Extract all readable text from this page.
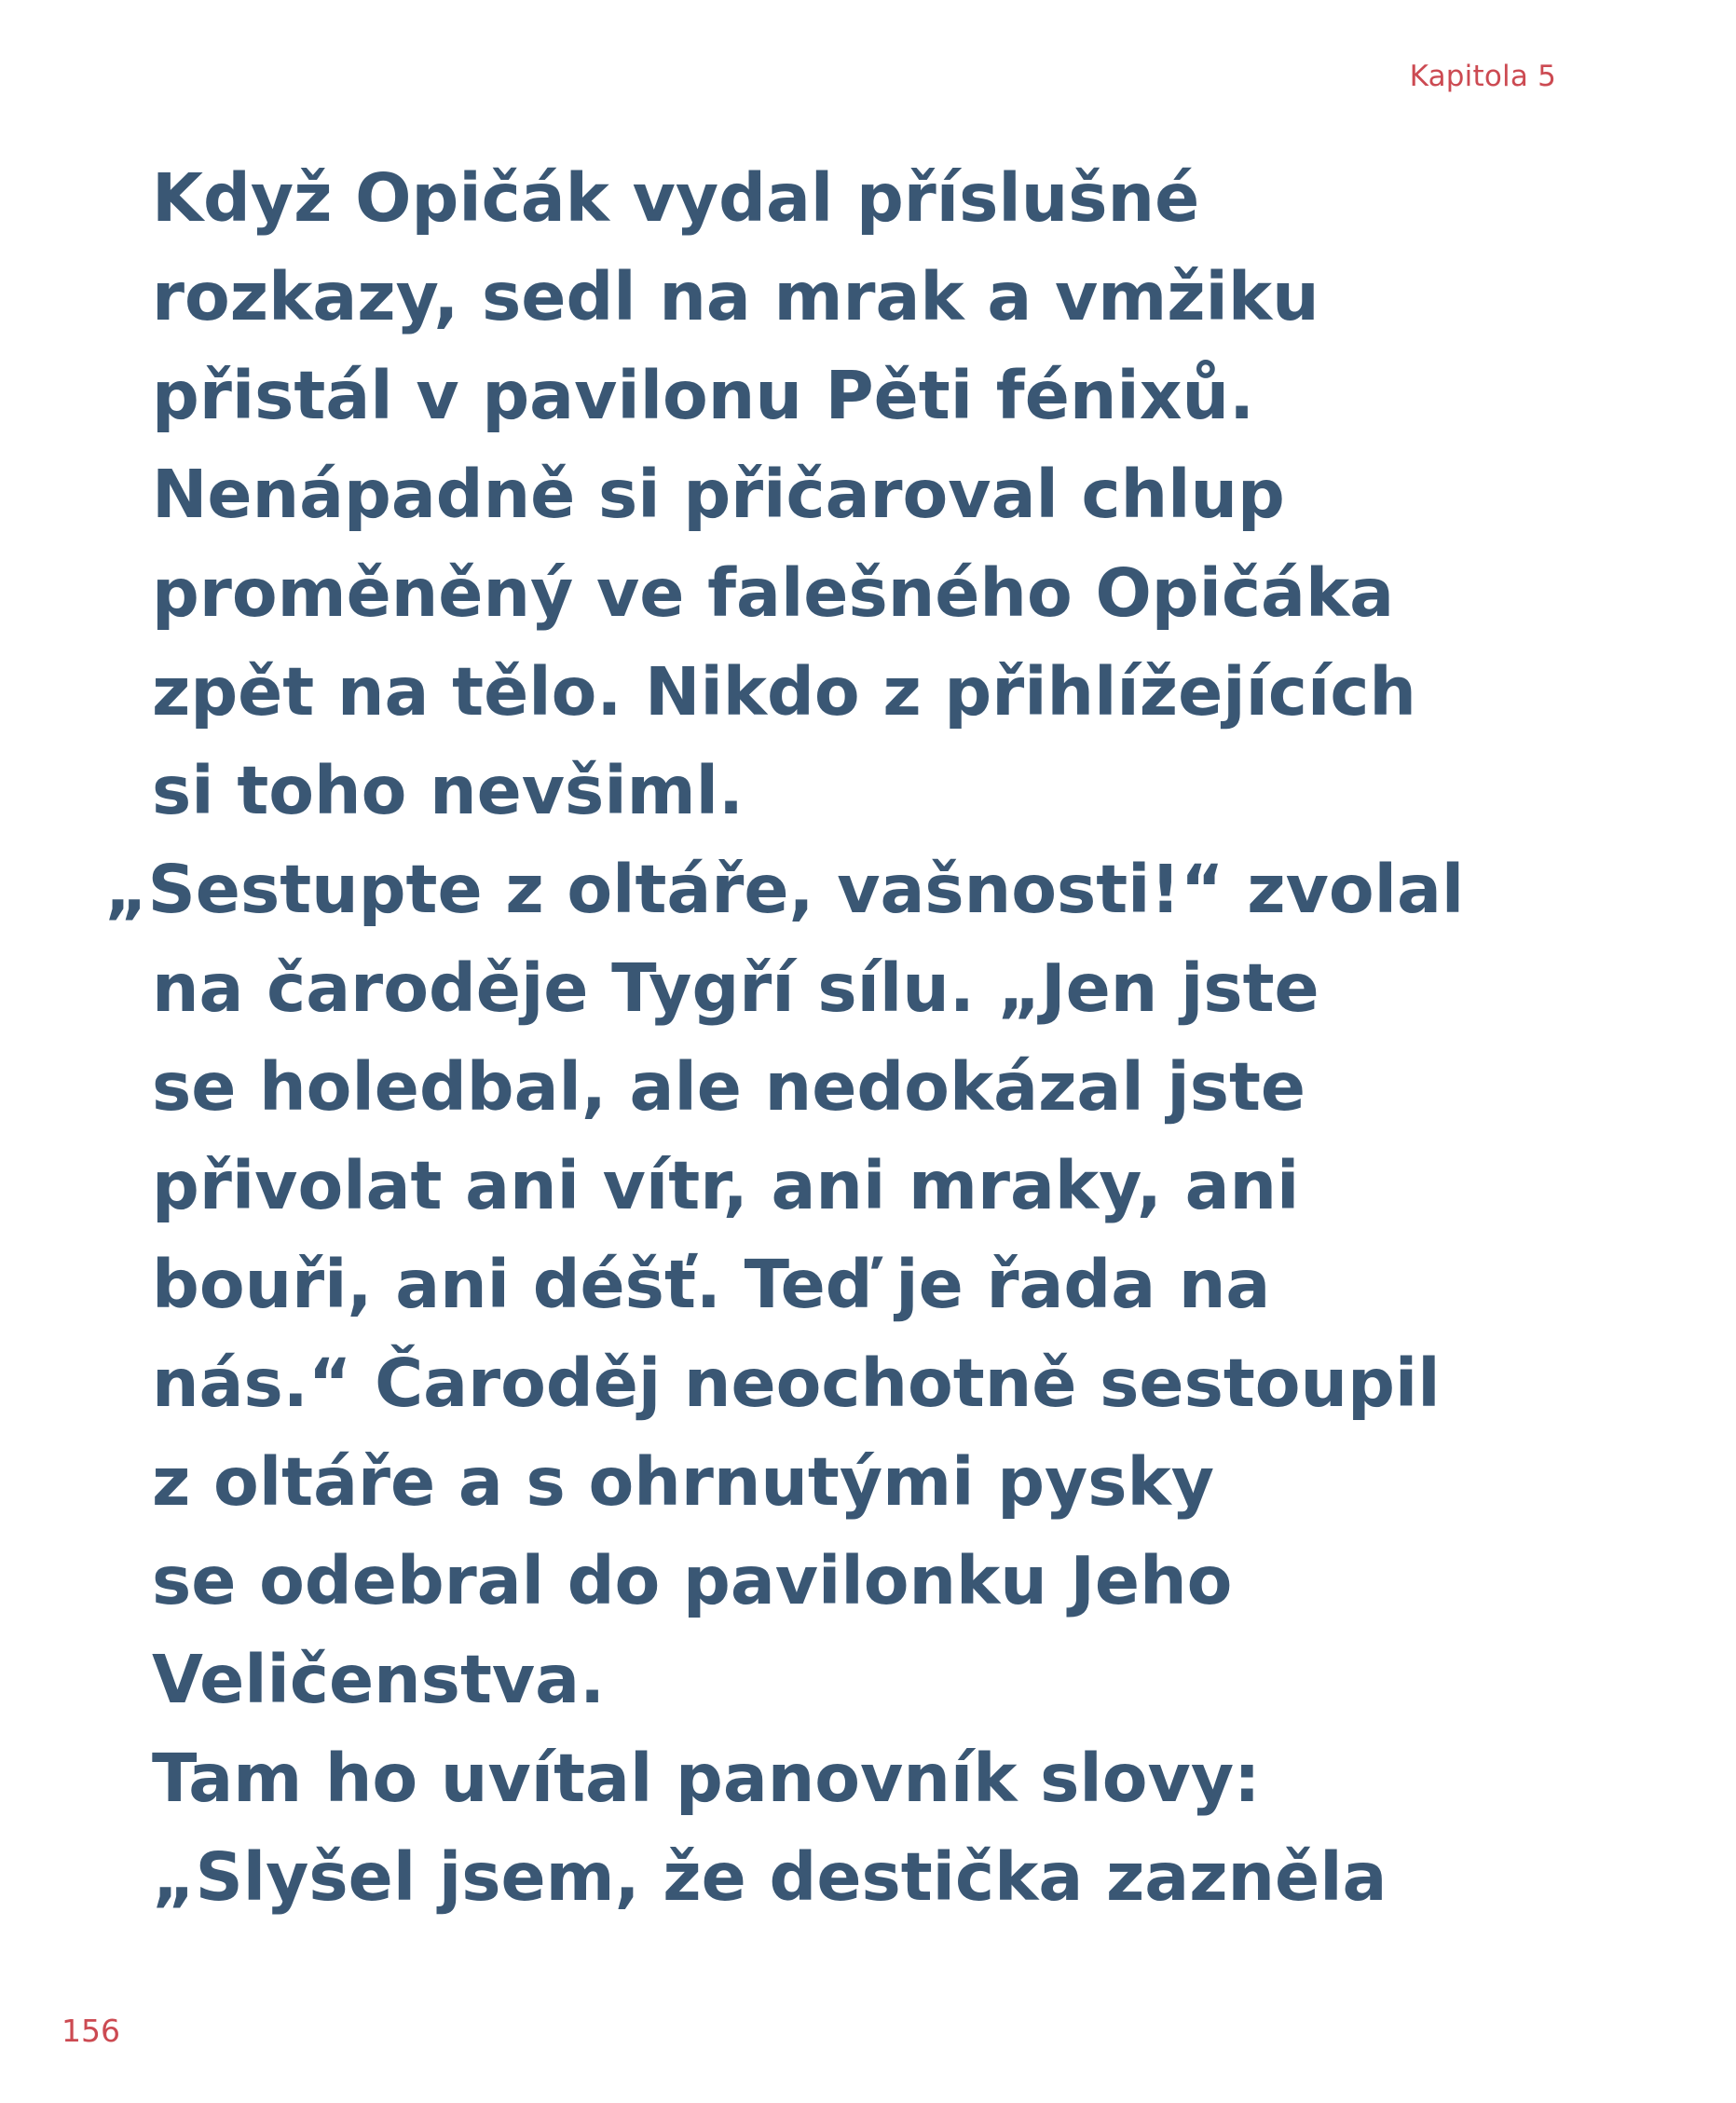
Kapitola 5
Když Opičák vydal příslušné
rozkazy, sedl na mrak a vmžiku
přistál v pavilonu Pěti fénixů.
Nenápadně si přičaroval chlup
proměněný ve falešného Opičáka
zpět na tělo. Nikdo z přihlížejících
si toho nevšiml.
„Sestupte z oltáře, vašnosti!“ zvolal
na čaroděje Tygří sílu. „Jen jste
se holedbal, ale nedokázal jste
přivolat ani vítr, ani mraky, ani
bouři, ani déšť. Teď je řada na
nás.“ Čaroděj neochotně sestoupil
z oltáře a s ohrnutými pysky
se odebral do pavilonku Jeho
Veličenstva.
Tam ho uvítal panovník slovy:
„Slyšel jsem, že destička zazněla
156
